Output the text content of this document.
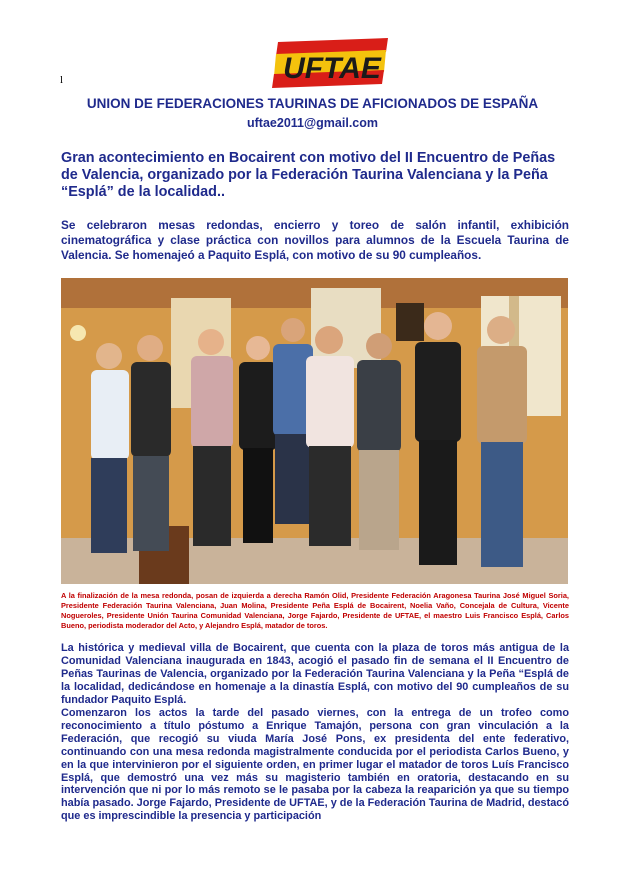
l	UFTAE
UNION DE FEDERACIONES TAURINAS DE AFICIONADOS DE ESPAÑA
uftae2011@gmail.com

Gran acontecimiento en Bocairent con motivo del II Encuentro de Peñas de Valencia, organizado por la Federación Taurina Valenciana y la Peña “Esplá” de la localidad..

Se celebraron mesas redondas, encierro y toreo de salón infantil, exhibición cinematográfica y clase práctica con novillos para alumnos de la Escuela Taurina de Valencia. Se homenajeó a Paquito Esplá, con motivo de su 90 cumpleaños.

A la finalización de la mesa redonda, posan de izquierda a derecha Ramón Olid, Presidente Federación Aragonesa Taurina José Miguel Soria, Presidente Federación Taurina Valenciana, Juan Molina, Presidente Peña Esplá de Bocairent, Noelia Vaño, Concejala de Cultura, Vicente Nogueroles, Presidente Unión Taurina Comunidad Valenciana, Jorge Fajardo, Presidente de UFTAE, el maestro Luis Francisco Esplá, Carlos Bueno, periodista moderador del Acto, y Alejandro Esplá, matador de toros.

La histórica y medieval villa de Bocairent, que cuenta con la plaza de toros más antigua de la Comunidad Valenciana inaugurada en 1843, acogió el pasado fin de semana el II Encuentro de Peñas Taurinas de Valencia, organizado por la Federación Taurina Valenciana y la Peña “Esplá de la localidad, dedicándose en homenaje a la dinastía Esplá, con motivo del 90 cumpleaños de su fundador Paquito Esplá.

Comenzaron los actos la tarde del pasado viernes, con la entrega de un trofeo como reconocimiento a título póstumo a Enrique Tamajón, persona con gran vinculación a la Federación, que recogió su viuda María José Pons, ex presidenta del ente federativo, continuando con una mesa redonda magistralmente conducida por el periodista Carlos Bueno, y en la que intervinieron por el siguiente orden, en primer lugar el matador de toros Luís Francisco Esplá, que demostró una vez más su magisterio también en oratoria, destacando en su intervención que ni por lo más remoto se le pasaba por la cabeza la reaparición ya que su tiempo había pasado. Jorge Fajardo, Presidente de UFTAE, y de la Federación Taurina de Madrid, destacó que es imprescindible la presencia y participación
